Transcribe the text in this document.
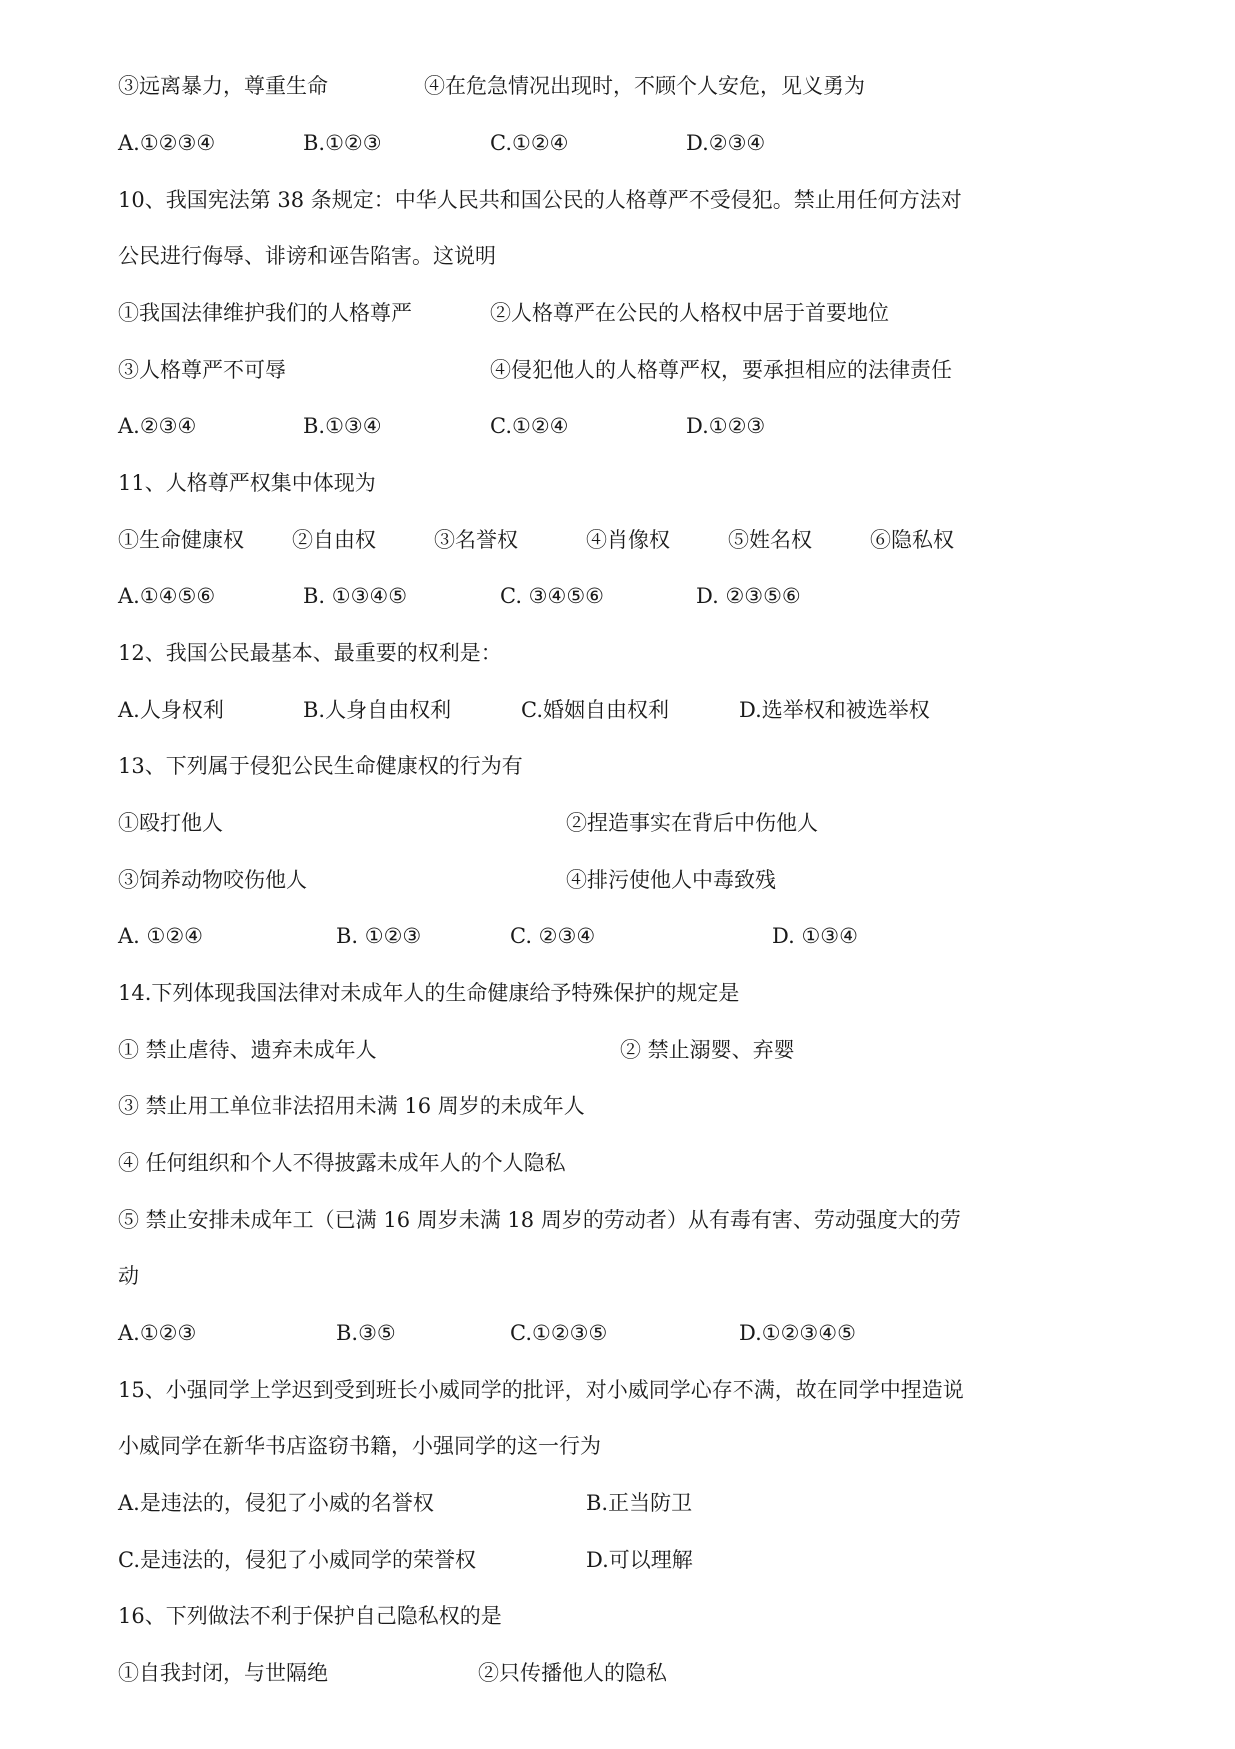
③远离暴力，尊重生命	④在危急情况出现时，不顾个人安危，见义勇为
A.①②③④	B.①②③	C.①②④	D.②③④
10、我国宪法第 38 条规定：中华人民共和国公民的人格尊严不受侵犯。禁止用任何方法对
公民进行侮辱、诽谤和诬告陷害。这说明
①我国法律维护我们的人格尊严	②人格尊严在公民的人格权中居于首要地位
③人格尊严不可辱	④侵犯他人的人格尊严权，要承担相应的法律责任
A.②③④	B.①③④	C.①②④	D.①②③
11、人格尊严权集中体现为
①生命健康权 ②自由权	③名誉权	④肖像权	⑤姓名权	⑥隐私权
A.①④⑤⑥	B. ①③④⑤	C. ③④⑤⑥	D. ②③⑤⑥
12、我国公民最基本、最重要的权利是：
A.人身权利	B.人身自由权利	C.婚姻自由权利	D.选举权和被选举权
13、下列属于侵犯公民生命健康权的行为有
①殴打他人	②捏造事实在背后中伤他人
③饲养动物咬伤他人	④排污使他人中毒致残
A. ①②④	B. ①②③	C. ②③④	D. ①③④
14.下列体现我国法律对未成年人的生命健康给予特殊保护的规定是
① 禁止虐待、遗弃未成年人	② 禁止溺婴、弃婴
③ 禁止用工单位非法招用未满 16 周岁的未成年人
④ 任何组织和个人不得披露未成年人的个人隐私
⑤ 禁止安排未成年工（已满 16 周岁未满 18 周岁的劳动者）从有毒有害、劳动强度大的劳
动
A.①②③	B.③⑤	C.①②③⑤	D.①②③④⑤
15、小强同学上学迟到受到班长小威同学的批评，对小威同学心存不满，故在同学中捏造说
小威同学在新华书店盗窃书籍，小强同学的这一行为
A.是违法的，侵犯了小威的名誉权	B.正当防卫
C.是违法的，侵犯了小威同学的荣誉权	D.可以理解
16、下列做法不利于保护自己隐私权的是
①自我封闭，与世隔绝	②只传播他人的隐私
